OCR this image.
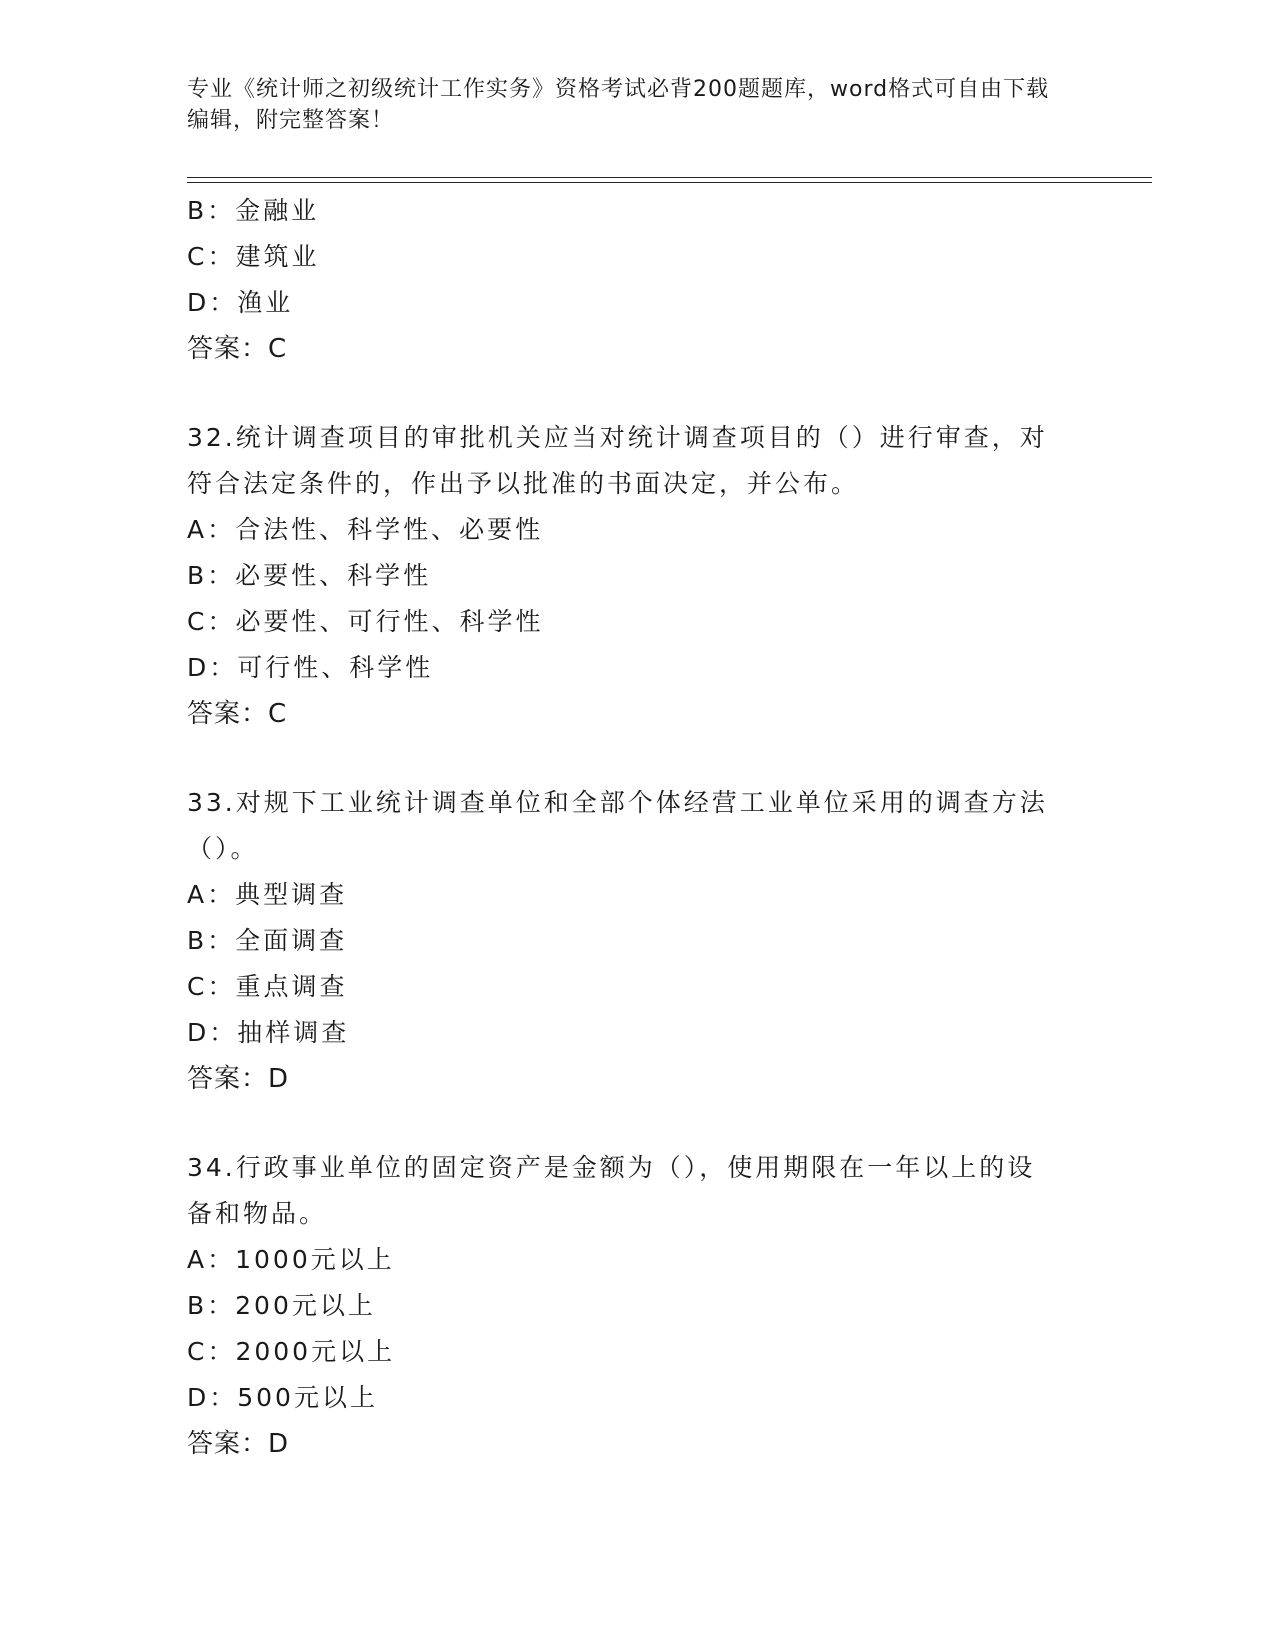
专业《统计师之初级统计工作实务》资格考试必背200题题库，word格式可自由下载编辑，附完整答案！
B：金融业
C：建筑业
D：渔业
答案：C
32.统计调查项目的审批机关应当对统计调查项目的（）进行审查，对
符合法定条件的，作出予以批准的书面决定，并公布。
A：合法性、科学性、必要性
B：必要性、科学性
C：必要性、可行性、科学性
D：可行性、科学性
答案：C
33.对规下工业统计调查单位和全部个体经营工业单位采用的调查方法
（）。
A：典型调查
B：全面调查
C：重点调查
D：抽样调查
答案：D
34.行政事业单位的固定资产是金额为（），使用期限在一年以上的设
备和物品。
A：1000元以上
B：200元以上
C：2000元以上
D：500元以上
答案：D
